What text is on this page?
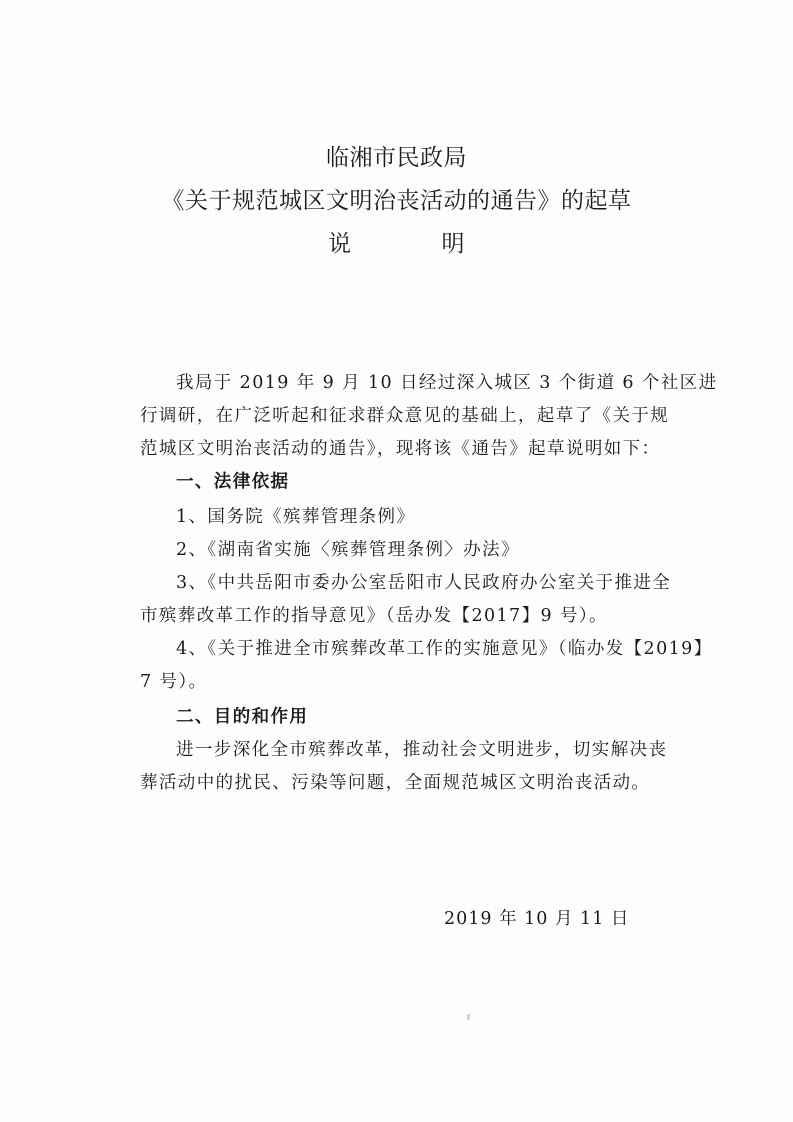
临湘市民政局
《关于规范城区文明治丧活动的通告》的起草
说	明
我局于 2019 年 9 月 10 日经过深入城区 3 个街道 6 个社区进
行调研，在广泛听起和征求群众意见的基础上，起草了《关于规
范城区文明治丧活动的通告》，现将该《通告》起草说明如下：
一、法律依据
1、国务院《殡葬管理条例》
2、《湖南省实施〈殡葬管理条例〉办法》
3、《中共岳阳市委办公室岳阳市人民政府办公室关于推进全
市殡葬改革工作的指导意见》（岳办发【2017】9 号）。
4、《关于推进全市殡葬改革工作的实施意见》（临办发【2019】
7 号）。
二、目的和作用
进一步深化全市殡葬改革，推动社会文明进步，切实解决丧
葬活动中的扰民、污染等问题，全面规范城区文明治丧活动。
2019 年 10 月 11 日
